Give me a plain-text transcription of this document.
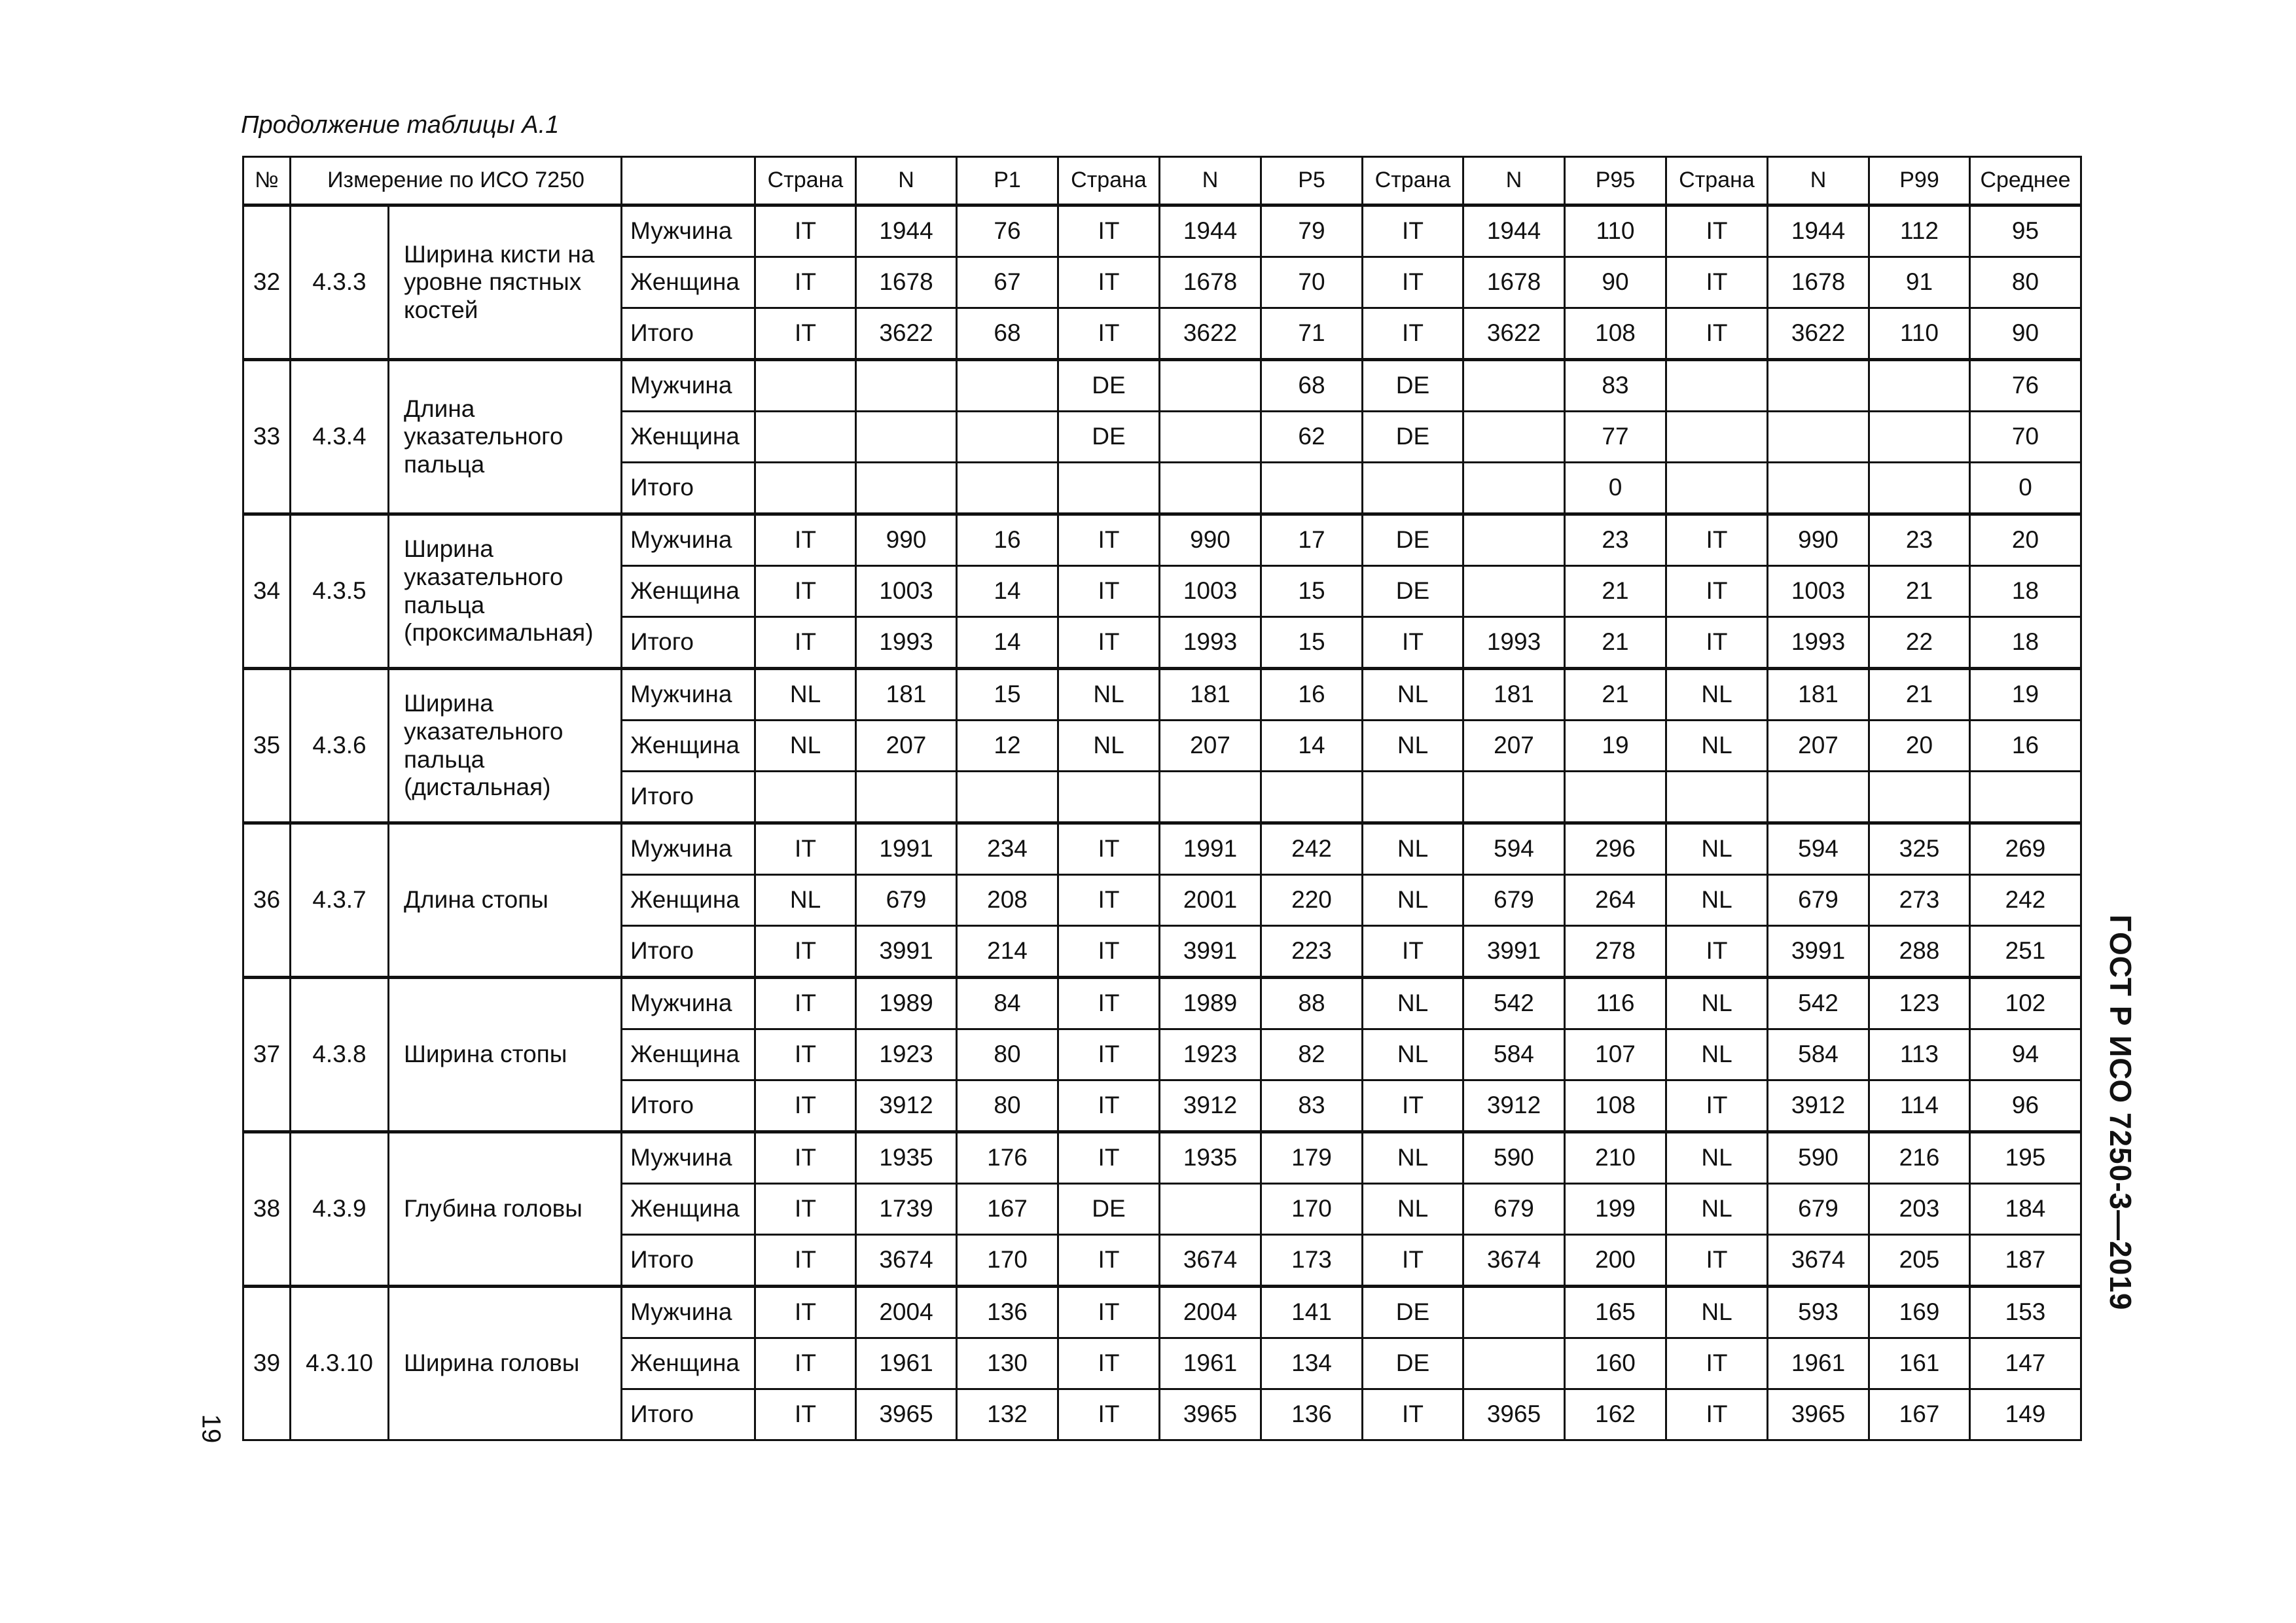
Продолжение таблицы А.1
№	Измерение по ИСО 7250			Страна	N	P1	Страна	N	P5	Страна	N	P95	Страна	N	P99	Среднее
32	4.3.3	Ширина кисти на уровне пястных костей	Мужчина	IT	1944	76	IT	1944	79	IT	1944	110	IT	1944	112	95
			Женщина	IT	1678	67	IT	1678	70	IT	1678	90	IT	1678	91	80
			Итого	IT	3622	68	IT	3622	71	IT	3622	108	IT	3622	110	90
33	4.3.4	Длина указательного пальца	Мужчина				DE		68	DE		83				76
			Женщина				DE		62	DE		77				70
			Итого									0				0
34	4.3.5	Ширина указательного пальца (проксимальная)	Мужчина	IT	990	16	IT	990	17	DE		23	IT	990	23	20
			Женщина	IT	1003	14	IT	1003	15	DE		21	IT	1003	21	18
			Итого	IT	1993	14	IT	1993	15	IT	1993	21	IT	1993	22	18
35	4.3.6	Ширина указательного пальца (дистальная)	Мужчина	NL	181	15	NL	181	16	NL	181	21	NL	181	21	19
			Женщина	NL	207	12	NL	207	14	NL	207	19	NL	207	20	16
			Итого													
36	4.3.7	Длина стопы	Мужчина	IT	1991	234	IT	1991	242	NL	594	296	NL	594	325	269
			Женщина	NL	679	208	IT	2001	220	NL	679	264	NL	679	273	242
			Итого	IT	3991	214	IT	3991	223	IT	3991	278	IT	3991	288	251
37	4.3.8	Ширина стопы	Мужчина	IT	1989	84	IT	1989	88	NL	542	116	NL	542	123	102
			Женщина	IT	1923	80	IT	1923	82	NL	584	107	NL	584	113	94
			Итого	IT	3912	80	IT	3912	83	IT	3912	108	IT	3912	114	96
38	4.3.9	Глубина головы	Мужчина	IT	1935	176	IT	1935	179	NL	590	210	NL	590	216	195
			Женщина	IT	1739	167	DE		170	NL	679	199	NL	679	203	184
			Итого	IT	3674	170	IT	3674	173	IT	3674	200	IT	3674	205	187
39	4.3.10	Ширина головы	Мужчина	IT	2004	136	IT	2004	141	DE		165	NL	593	169	153
			Женщина	IT	1961	130	IT	1961	134	DE		160	IT	1961	161	147
			Итого	IT	3965	132	IT	3965	136	IT	3965	162	IT	3965	167	149
ГОСТ Р ИСО 7250-3—2019
19
